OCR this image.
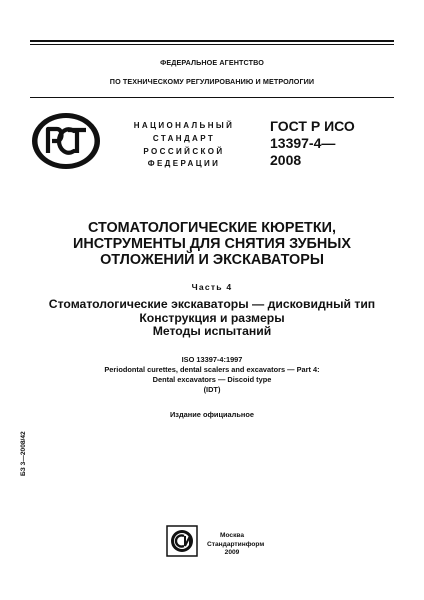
ФЕДЕРАЛЬНОЕ АГЕНТСТВО
ПО ТЕХНИЧЕСКОМУ РЕГУЛИРОВАНИЮ И МЕТРОЛОГИИ
НАЦИОНАЛЬНЫЙ
СТАНДАРТ
РОССИЙСКОЙ
ФЕДЕРАЦИИ
ГОСТ Р ИСО
13397-4—
2008
СТОМАТОЛОГИЧЕСКИЕ КЮРЕТКИ,
ИНСТРУМЕНТЫ ДЛЯ СНЯТИЯ ЗУБНЫХ
ОТЛОЖЕНИЙ И ЭКСКАВАТОРЫ
Часть 4
Стоматологические экскаваторы — дисковидный тип
Конструкция и размеры
Методы испытаний
ISO 13397-4:1997
Periodontal curettes, dental scalers and excavators — Part 4:
Dental excavators — Discoid type
(IDT)
Издание официальное
БЗ 3—2008/42
Москва
Стандартинформ
2009
